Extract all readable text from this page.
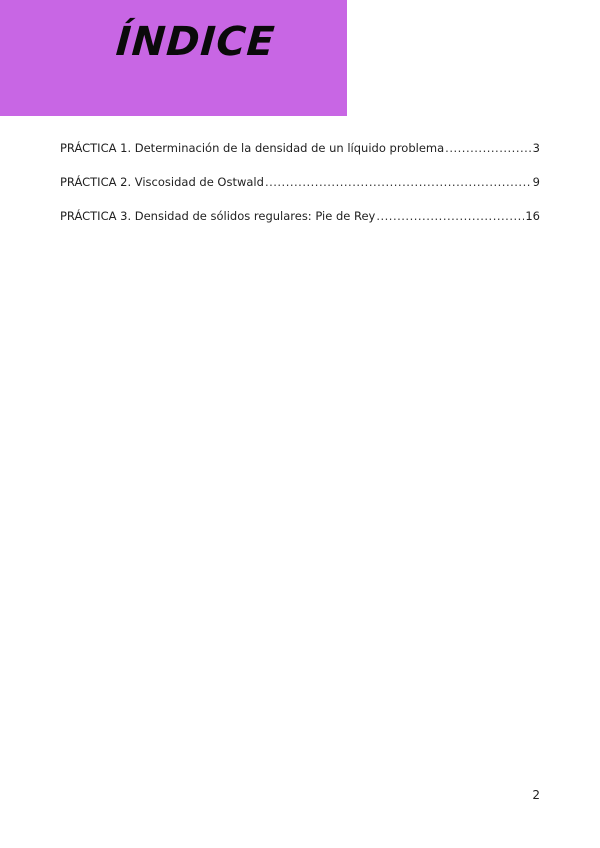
ÍNDICE
PRÁCTICA 1. Determinación de la densidad de un líquido problema .....	3
PRÁCTICA 2. Viscosidad de Ostwald .....	9
PRÁCTICA 3. Densidad de sólidos regulares: Pie de Rey .....	16
2
